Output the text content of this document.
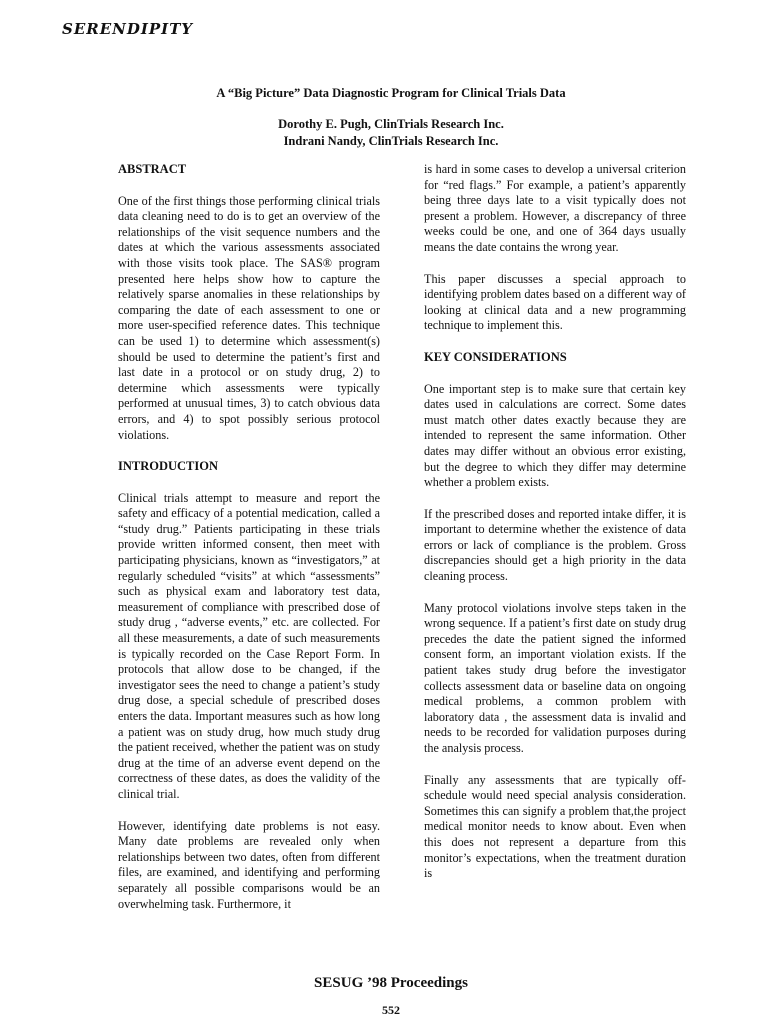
SERENDIPITY
A “Big Picture” Data Diagnostic Program for Clinical Trials Data
Dorothy E. Pugh, ClinTrials Research Inc.
Indrani Nandy, ClinTrials Research Inc.
ABSTRACT

One of the first things those performing clinical trials data cleaning need to do is to get an overview of the relationships of the visit sequence numbers and the dates at which the various assessments associated with those visits took place. The SAS® program presented here helps show how to capture the relatively sparse anomalies in these relationships by comparing the date of each assessment to one or more user-specified reference dates. This technique can be used 1) to determine which assessment(s) should be used to determine the patient’s first and last date in a protocol or on study drug, 2) to determine which assessments were typically performed at unusual times, 3) to catch obvious data errors, and 4) to spot possibly serious protocol violations.

INTRODUCTION

Clinical trials attempt to measure and report the safety and efficacy of a potential medication, called a “study drug.” Patients participating in these trials provide written informed consent, then meet with participating physicians, known as “investigators,” at regularly scheduled “visits” at which “assessments” such as physical exam and laboratory test data, measurement of compliance with prescribed dose of study drug , “adverse events,” etc. are collected. For all these measurements, a date of such measurements is typically recorded on the Case Report Form. In protocols that allow dose to be changed, if the investigator sees the need to change a patient’s study drug dose, a special schedule of prescribed doses enters the data. Important measures such as how long a patient was on study drug, how much study drug the patient received, whether the patient was on study drug at the time of an adverse event depend on the correctness of these dates, as does the validity of the clinical trial.

However, identifying date problems is not easy. Many date problems are revealed only when relationships between two dates, often from different files, are examined, and identifying and performing separately all possible comparisons would be an overwhelming task. Furthermore, it

is hard in some cases to develop a universal criterion for “red flags.” For example, a patient’s apparently being three days late to a visit typically does not present a problem. However, a discrepancy of three weeks could be one, and one of 364 days usually means the date contains the wrong year.

This paper discusses a special approach to identifying problem dates based on a different way of looking at clinical data and a new programming technique to implement this.

KEY CONSIDERATIONS

One important step is to make sure that certain key dates used in calculations are correct. Some dates must match other dates exactly because they are intended to represent the same information. Other dates may differ without an obvious error existing, but the degree to which they differ may determine whether a problem exists.

If the prescribed doses and reported intake differ, it is important to determine whether the existence of data errors or lack of compliance is the problem. Gross discrepancies should get a high priority in the data cleaning process.

Many protocol violations involve steps taken in the wrong sequence. If a patient’s first date on study drug precedes the date the patient signed the informed consent form, an important violation exists. If the patient takes study drug before the investigator collects assessment data or baseline data on ongoing medical problems, a common problem with laboratory data , the assessment data is invalid and needs to be recorded for validation purposes during the analysis process.

Finally any assessments that are typically off-schedule would need special analysis consideration. Sometimes this can signify a problem that,the project medical monitor needs to know about. Even when this does not represent a departure from this monitor’s expectations, when the treatment duration is

SESUG ’98 Proceedings
552
